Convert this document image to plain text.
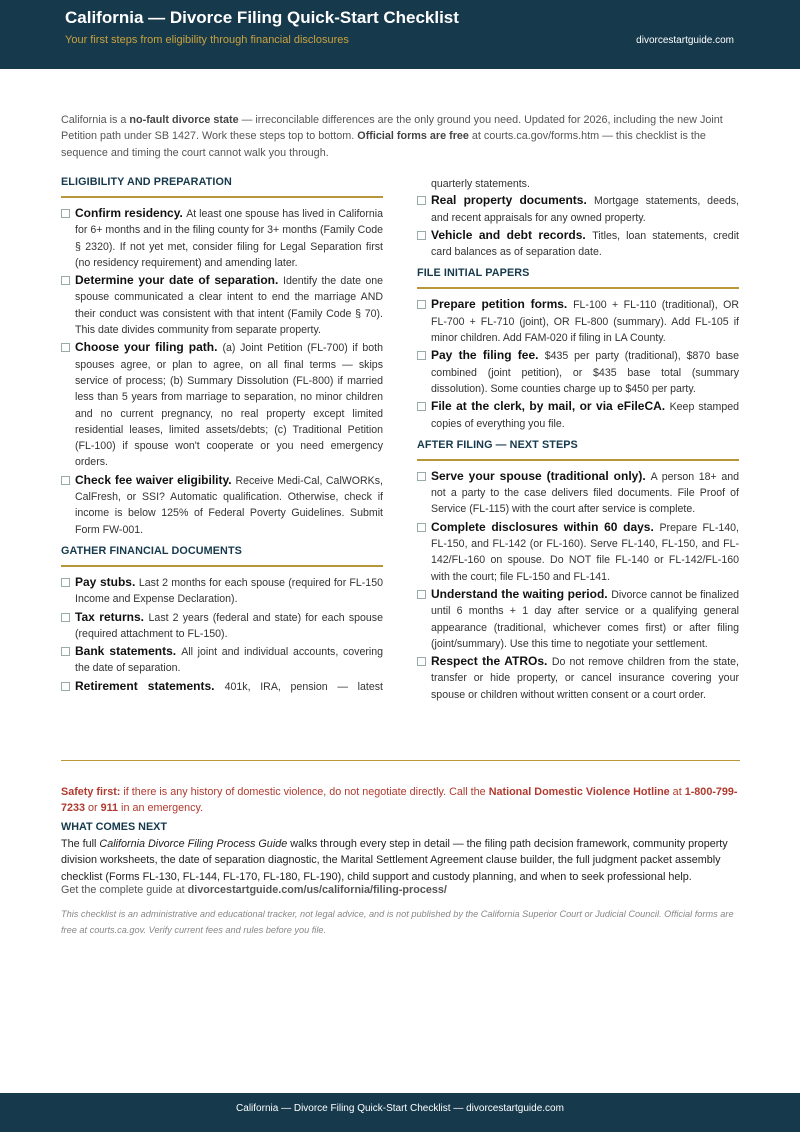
California — Divorce Filing Quick-Start Checklist
Your first steps from eligibility through financial disclosures	divorcestartguide.com
California is a no-fault divorce state — irreconcilable differences are the only ground you need. Updated for 2026, including the new Joint Petition path under SB 1427. Work these steps top to bottom. Official forms are free at courts.ca.gov/forms.htm — this checklist is the sequence and timing the court cannot walk you through.
ELIGIBILITY AND PREPARATION
Confirm residency. At least one spouse has lived in California for 6+ months and in the filing county for 3+ months (Family Code § 2320). If not yet met, consider filing for Legal Separation first (no residency requirement) and amending later.
Determine your date of separation. Identify the date one spouse communicated a clear intent to end the marriage AND their conduct was consistent with that intent (Family Code § 70). This date divides community from separate property.
Choose your filing path. (a) Joint Petition (FL-700) if both spouses agree, or plan to agree, on all final terms — skips service of process; (b) Summary Dissolution (FL-800) if married less than 5 years from marriage to separation, no minor children and no current pregnancy, no real property except limited residential leases, limited assets/debts; (c) Traditional Petition (FL-100) if spouse won't cooperate or you need emergency orders.
Check fee waiver eligibility. Receive Medi-Cal, CalWORKs, CalFresh, or SSI? Automatic qualification. Otherwise, check if income is below 125% of Federal Poverty Guidelines. Submit Form FW-001.
GATHER FINANCIAL DOCUMENTS
Pay stubs. Last 2 months for each spouse (required for FL-150 Income and Expense Declaration).
Tax returns. Last 2 years (federal and state) for each spouse (required attachment to FL-150).
Bank statements. All joint and individual accounts, covering the date of separation.
Retirement statements. 401k, IRA, pension — latest
quarterly statements.
Real property documents. Mortgage statements, deeds, and recent appraisals for any owned property.
Vehicle and debt records. Titles, loan statements, credit card balances as of separation date.
FILE INITIAL PAPERS
Prepare petition forms. FL-100 + FL-110 (traditional), OR FL-700 + FL-710 (joint), OR FL-800 (summary). Add FL-105 if minor children. Add FAM-020 if filing in LA County.
Pay the filing fee. $435 per party (traditional), $870 base combined (joint petition), or $435 base total (summary dissolution). Some counties charge up to $450 per party.
File at the clerk, by mail, or via eFileCA. Keep stamped copies of everything you file.
AFTER FILING — NEXT STEPS
Serve your spouse (traditional only). A person 18+ and not a party to the case delivers filed documents. File Proof of Service (FL-115) with the court after service is complete.
Complete disclosures within 60 days. Prepare FL-140, FL-150, and FL-142 (or FL-160). Serve FL-140, FL-150, and FL-142/FL-160 on spouse. Do NOT file FL-140 or FL-142/FL-160 with the court; file FL-150 and FL-141.
Understand the waiting period. Divorce cannot be finalized until 6 months + 1 day after service or a qualifying general appearance (traditional, whichever comes first) or after filing (joint/summary). Use this time to negotiate your settlement.
Respect the ATROs. Do not remove children from the state, transfer or hide property, or cancel insurance covering your spouse or children without written consent or a court order.
Safety first: if there is any history of domestic violence, do not negotiate directly. Call the National Domestic Violence Hotline at 1-800-799-7233 or 911 in an emergency.
WHAT COMES NEXT
The full California Divorce Filing Process Guide walks through every step in detail — the filing path decision framework, community property division worksheets, the date of separation diagnostic, the Marital Settlement Agreement clause builder, the full judgment packet assembly checklist (Forms FL-130, FL-144, FL-170, FL-180, FL-190), child support and custody planning, and when to seek professional help.
Get the complete guide at divorcestartguide.com/us/california/filing-process/
This checklist is an administrative and educational tracker, not legal advice, and is not published by the California Superior Court or Judicial Council. Official forms are free at courts.ca.gov. Verify current fees and rules before you file.
California — Divorce Filing Quick-Start Checklist — divorcestartguide.com
